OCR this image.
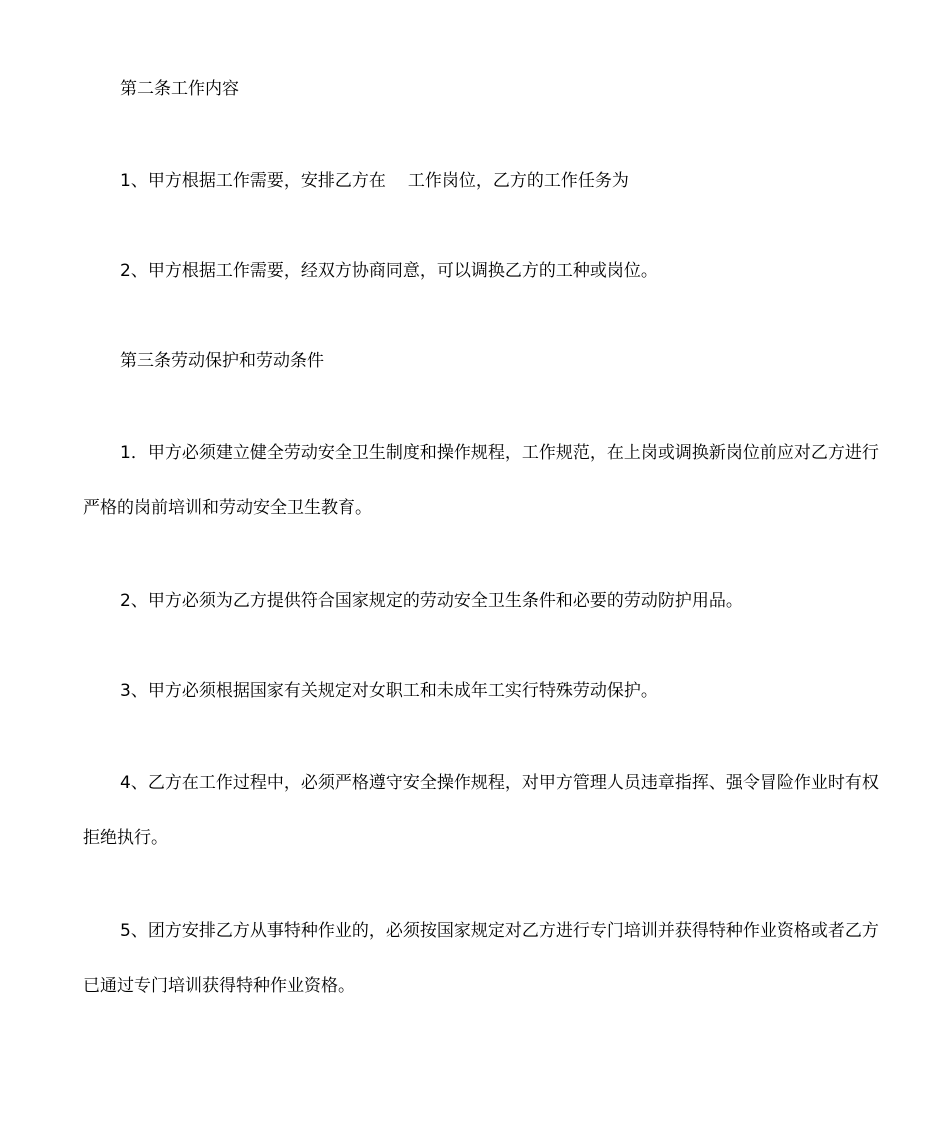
第二条工作内容

1、甲方根据工作需要，安排乙方在 工作岗位，乙方的工作任务为

2、甲方根据工作需要，经双方协商同意，可以调换乙方的工种或岗位。

第三条劳动保护和劳动条件

1．甲方必须建立健全劳动安全卫生制度和操作规程，工作规范，在上岗或调换新岗位前应对乙方进行严格的岗前培训和劳动安全卫生教育。

2、甲方必须为乙方提供符合国家规定的劳动安全卫生条件和必要的劳动防护用品。

3、甲方必须根据国家有关规定对女职工和未成年工实行特殊劳动保护。

4、乙方在工作过程中，必须严格遵守安全操作规程，对甲方管理人员违章指挥、强令冒险作业时有权拒绝执行。

5、团方安排乙方从事特种作业的，必须按国家规定对乙方进行专门培训并获得特种作业资格或者乙方已通过专门培训获得特种作业资格。
